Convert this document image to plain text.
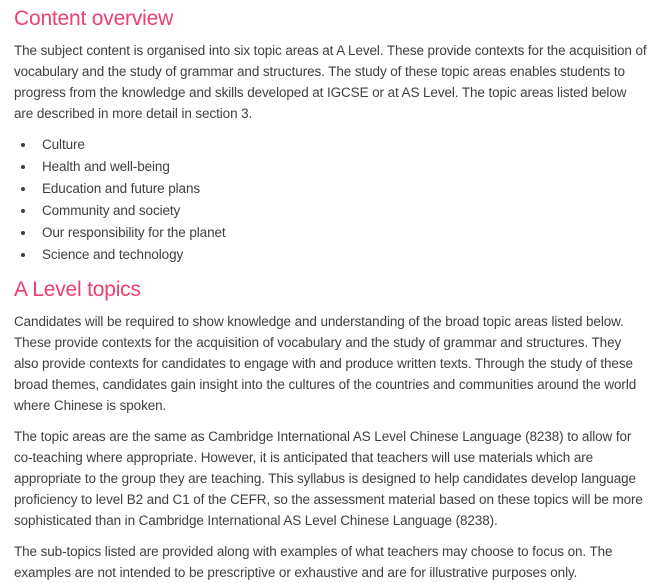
Content overview

The subject content is organised into six topic areas at A Level. These provide contexts for the acquisition of vocabulary and the study of grammar and structures. The study of these topic areas enables students to progress from the knowledge and skills developed at IGCSE or at AS Level. The topic areas listed below are described in more detail in section 3.

Culture
Health and well-being
Education and future plans
Community and society
Our responsibility for the planet
Science and technology
A Level topics

Candidates will be required to show knowledge and understanding of the broad topic areas listed below. These provide contexts for the acquisition of vocabulary and the study of grammar and structures. They also provide contexts for candidates to engage with and produce written texts. Through the study of these broad themes, candidates gain insight into the cultures of the countries and communities around the world where Chinese is spoken.

The topic areas are the same as Cambridge International AS Level Chinese Language (8238) to allow for co-teaching where appropriate. However, it is anticipated that teachers will use materials which are appropriate to the group they are teaching. This syllabus is designed to help candidates develop language proficiency to level B2 and C1 of the CEFR, so the assessment material based on these topics will be more sophisticated than in Cambridge International AS Level Chinese Language (8238).

The sub-topics listed are provided along with examples of what teachers may choose to focus on. The examples are not intended to be prescriptive or exhaustive and are for illustrative purposes only.
